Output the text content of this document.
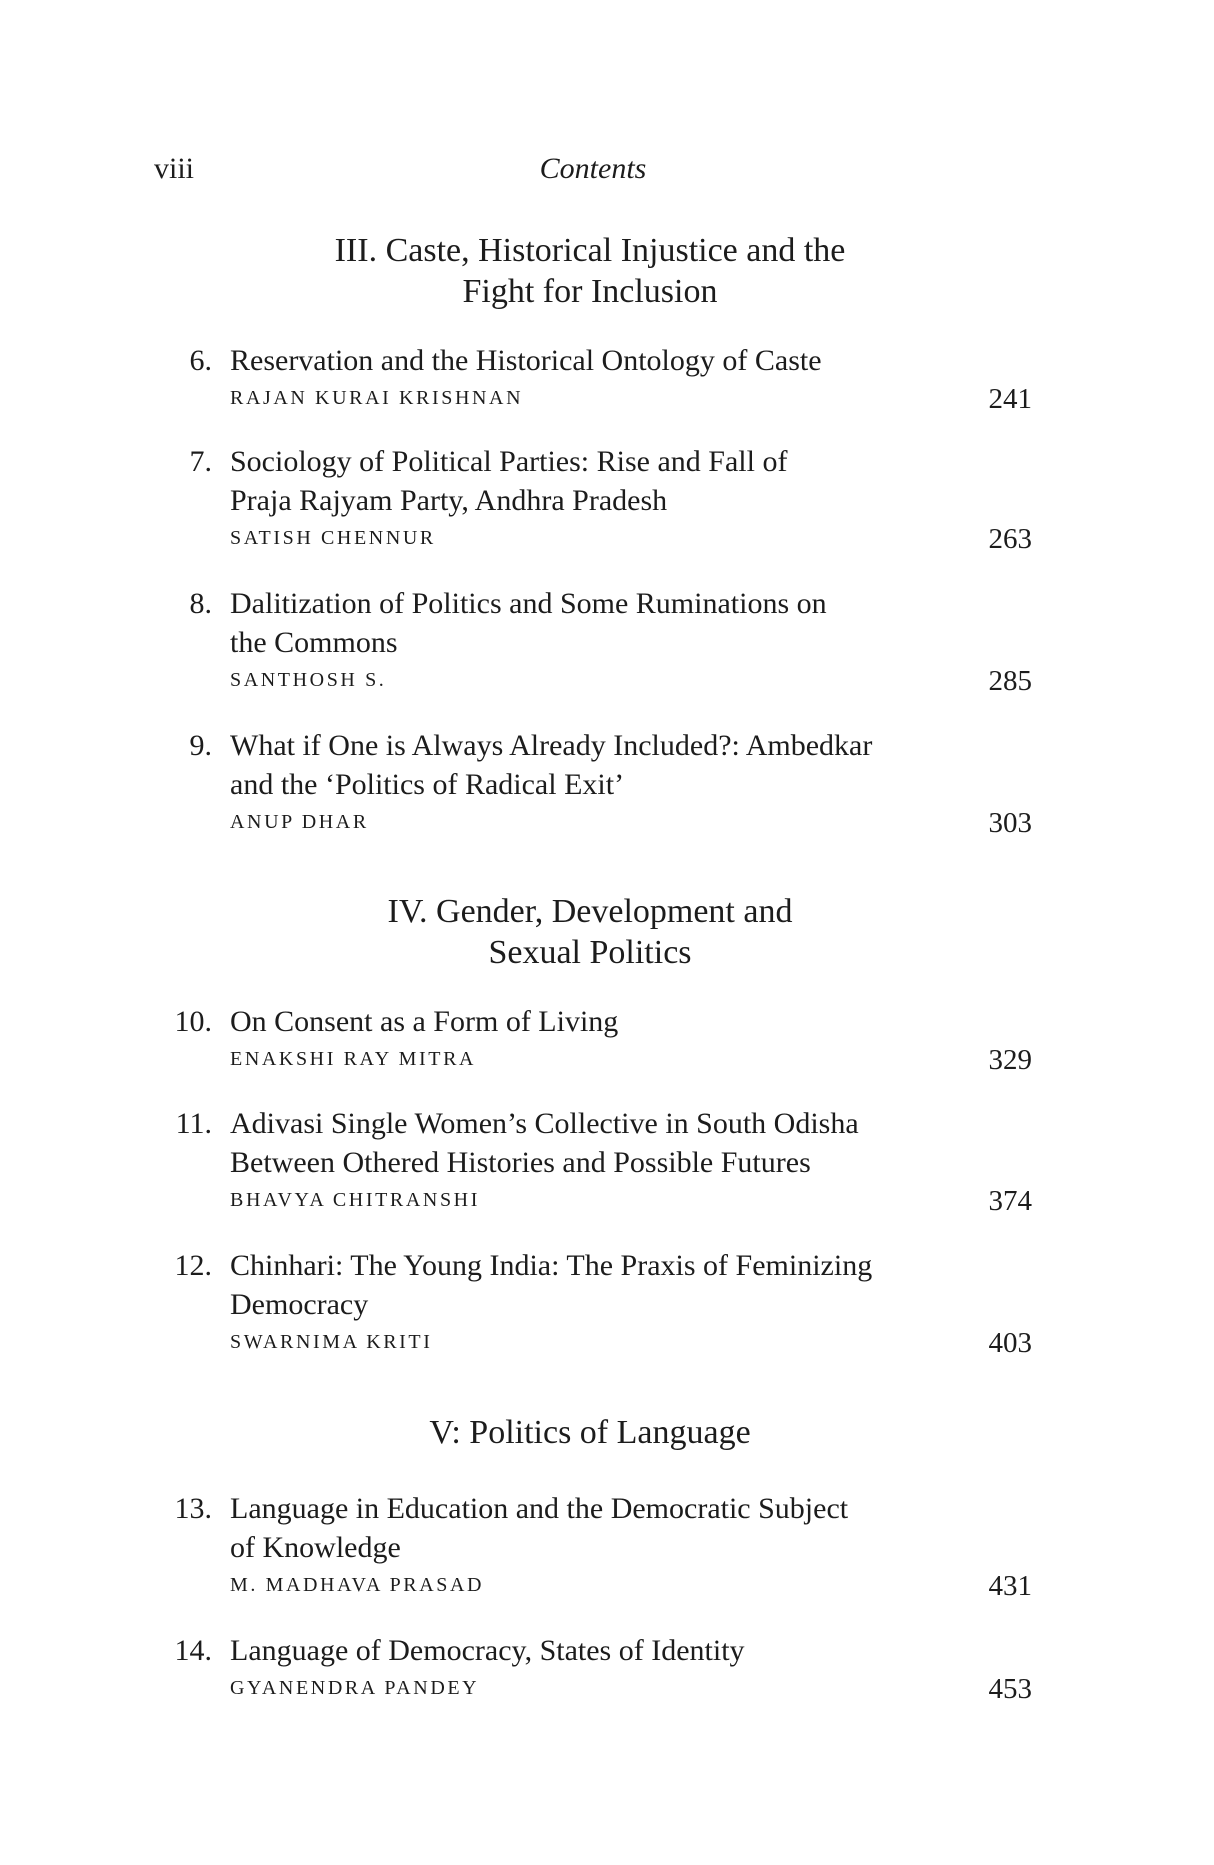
viii	Contents
III. Caste, Historical Injustice and the
Fight for Inclusion
6. Reservation and the Historical Ontology of Caste
RAJAN KURAI KRISHNAN	241
7. Sociology of Political Parties: Rise and Fall of
Praja Rajyam Party, Andhra Pradesh
SATISH CHENNUR	263
8. Dalitization of Politics and Some Ruminations on
the Commons
SANTHOSH S.	285
9. What if One is Always Already Included?: Ambedkar
and the ‘Politics of Radical Exit’
ANUP DHAR	303
IV. Gender, Development and
Sexual Politics
10. On Consent as a Form of Living
ENAKSHI RAY MITRA	329
11. Adivasi Single Women’s Collective in South Odisha
Between Othered Histories and Possible Futures
BHAVYA CHITRANSHI	374
12. Chinhari: The Young India: The Praxis of Feminizing
Democracy
SWARNIMA KRITI	403
V: Politics of Language
13. Language in Education and the Democratic Subject
of Knowledge
M. MADHAVA PRASAD	431
14. Language of Democracy, States of Identity
GYANENDRA PANDEY	453
